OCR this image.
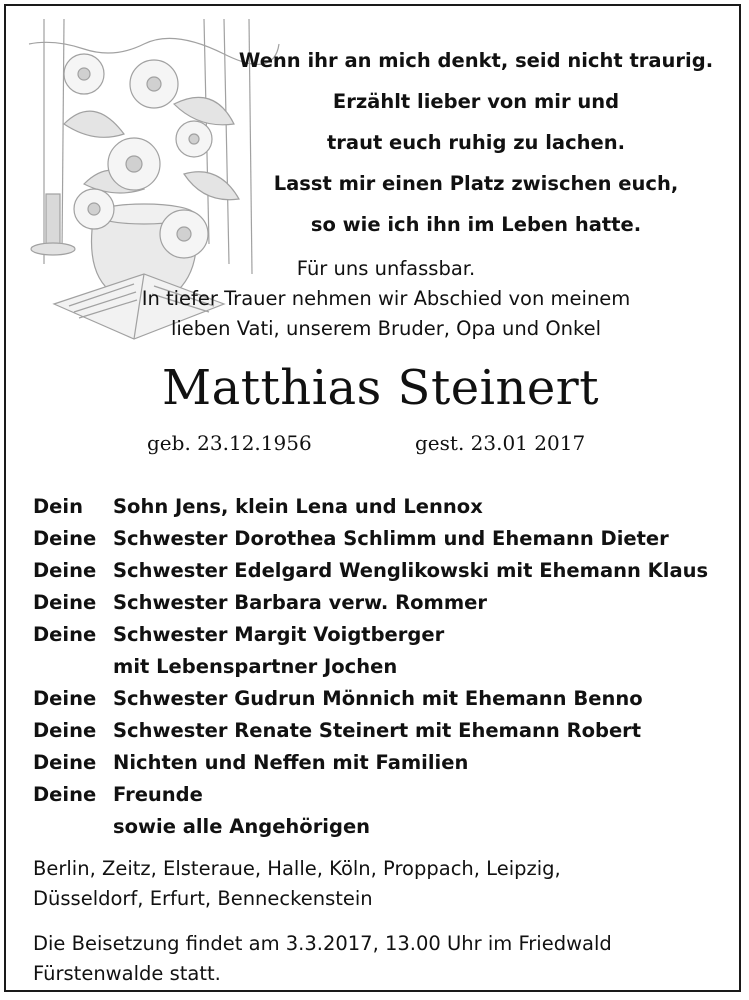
Wenn ihr an mich denkt, seid nicht traurig.
Erzählt lieber von mir und
traut euch ruhig zu lachen.
Lasst mir einen Platz zwischen euch,
so wie ich ihn im Leben hatte.
Für uns unfassbar.
In tiefer Trauer nehmen wir Abschied von meinem
lieben Vati, unserem Bruder, Opa und Onkel
Matthias Steinert
geb. 23.12.1956	gest. 23.01 2017
Dein	Sohn Jens, klein Lena und Lennox
Deine Schwester Dorothea Schlimm und Ehemann Dieter
Deine Schwester Edelgard Wenglikowski mit Ehemann Klaus
Deine Schwester Barbara verw. Rommer
Deine Schwester Margit Voigtberger
mit Lebenspartner Jochen
Deine Schwester Gudrun Mönnich mit Ehemann Benno
Deine Schwester Renate Steinert mit Ehemann Robert
Deine Nichten und Neffen mit Familien
Deine Freunde
sowie alle Angehörigen
Berlin, Zeitz, Elsteraue, Halle, Köln, Proppach, Leipzig,
Düsseldorf, Erfurt, Benneckenstein
Die Beisetzung findet am 3.3.2017, 13.00 Uhr im Friedwald
Fürstenwalde statt.
